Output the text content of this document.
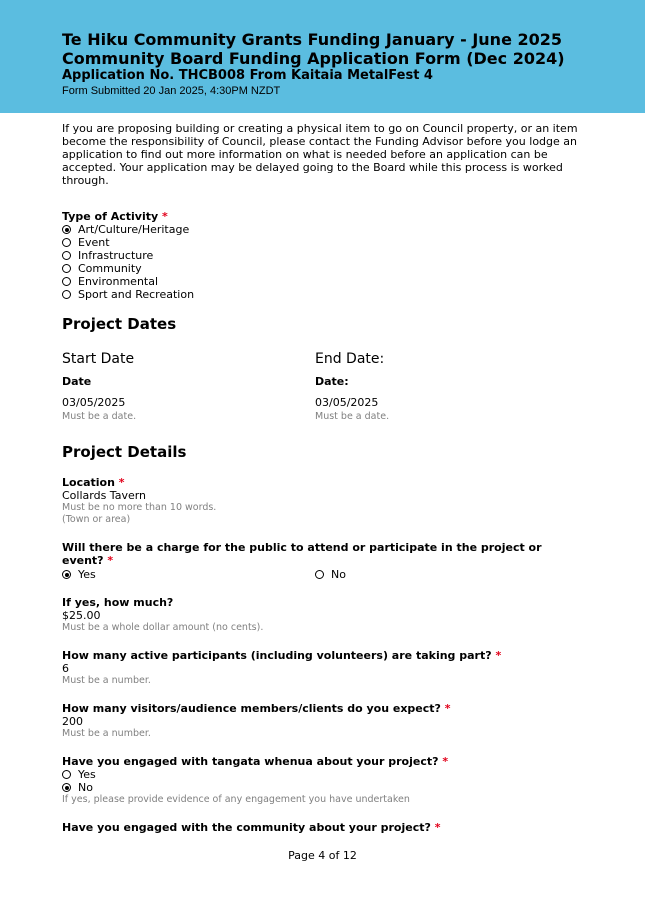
Te Hiku Community Grants Funding January - June 2025
Community Board Funding Application Form (Dec 2024)
Application No. THCB008 From Kaitaia MetalFest 4
Form Submitted 20 Jan 2025, 4:30PM NZDT

If you are proposing building or creating a physical item to go on Council property, or an item become the responsibility of Council, please contact the Funding Advisor before you lodge an application to find out more information on what is needed before an application can be accepted. Your application may be delayed going to the Board while this process is worked through.

Type of Activity *
Art/Culture/Heritage
Event
Infrastructure
Community
Environmental
Sport and Recreation
Project Dates
Start Date
Date
03/05/2025
Must be a date.
End Date:
Date:
03/05/2025
Must be a date.
Project Details
Location *
Collards Tavern
Must be no more than 10 words.
(Town or area)
Will there be a charge for the public to attend or participate in the project or event? *
Yes	No
If yes, how much?
$25.00
Must be a whole dollar amount (no cents).
How many active participants (including volunteers) are taking part? *
6
Must be a number.
How many visitors/audience members/clients do you expect? *
200
Must be a number.
Have you engaged with tangata whenua about your project? *
Yes
No
If yes, please provide evidence of any engagement you have undertaken
Have you engaged with the community about your project? *
Page 4 of 12
